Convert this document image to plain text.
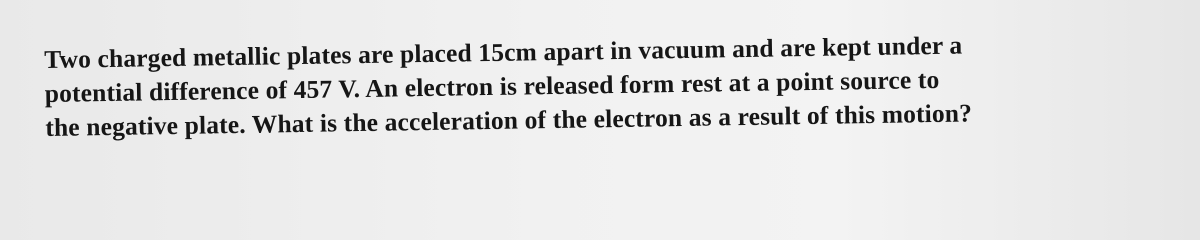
Two charged metallic plates are placed 15cm apart in vacuum and are kept under a
potential difference of 457 V. An electron is released form rest at a point source to
the negative plate. What is the acceleration of the electron as a result of this motion?
